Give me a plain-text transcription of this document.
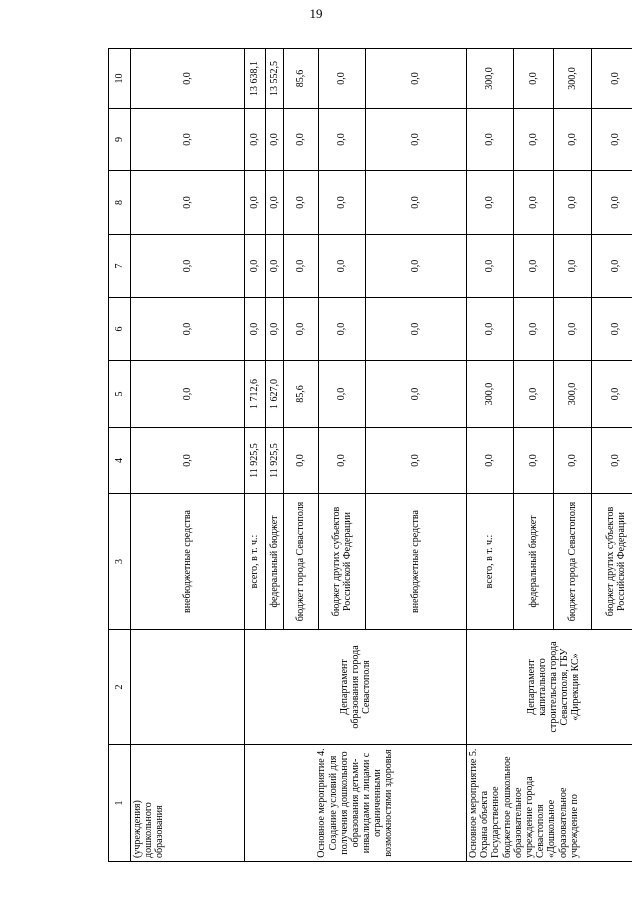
19
1	2	3	4	5	6	7	8	9	10
(учреждения) дошкольного образования		внебюджетные средства	0,0	0,0	0,0	0,0	0,0	0,0	0,0
Основное мероприятие 4. Создание условий для получения дошкольного образования детьми-инвалидами и лицами с ограниченными возможностями здоровья	Департамент образования города Севастополя	всего, в т. ч.:	11 925,5	1 712,6	0,0	0,0	0,0	0,0	13 638,1
		федеральный бюджет	11 925,5	1 627,0	0,0	0,0	0,0	0,0	13 552,5
		бюджет города Севастополя	0,0	85,6	0,0	0,0	0,0	0,0	85,6
		бюджет других субъектов Российской Федерации	0,0	0,0	0,0	0,0	0,0	0,0	0,0
		внебюджетные средства	0,0	0,0	0,0	0,0	0,0	0,0	0,0
Основное мероприятие 5. Охрана объекта Государственное бюджетное дошкольное образовательное учреждение города Севастополя «Дошкольное образовательное учреждение по	Департамент капитального строительства города Севастополя, ГБУ «Дирекция КС»	всего, в т. ч.:	0,0	300,0	0,0	0,0	0,0	0,0	300,0
		федеральный бюджет	0,0	0,0	0,0	0,0	0,0	0,0	0,0
		бюджет города Севастополя	0,0	300,0	0,0	0,0	0,0	0,0	300,0
		бюджет других субъектов Российской Федерации	0,0	0,0	0,0	0,0	0,0	0,0	0,0
